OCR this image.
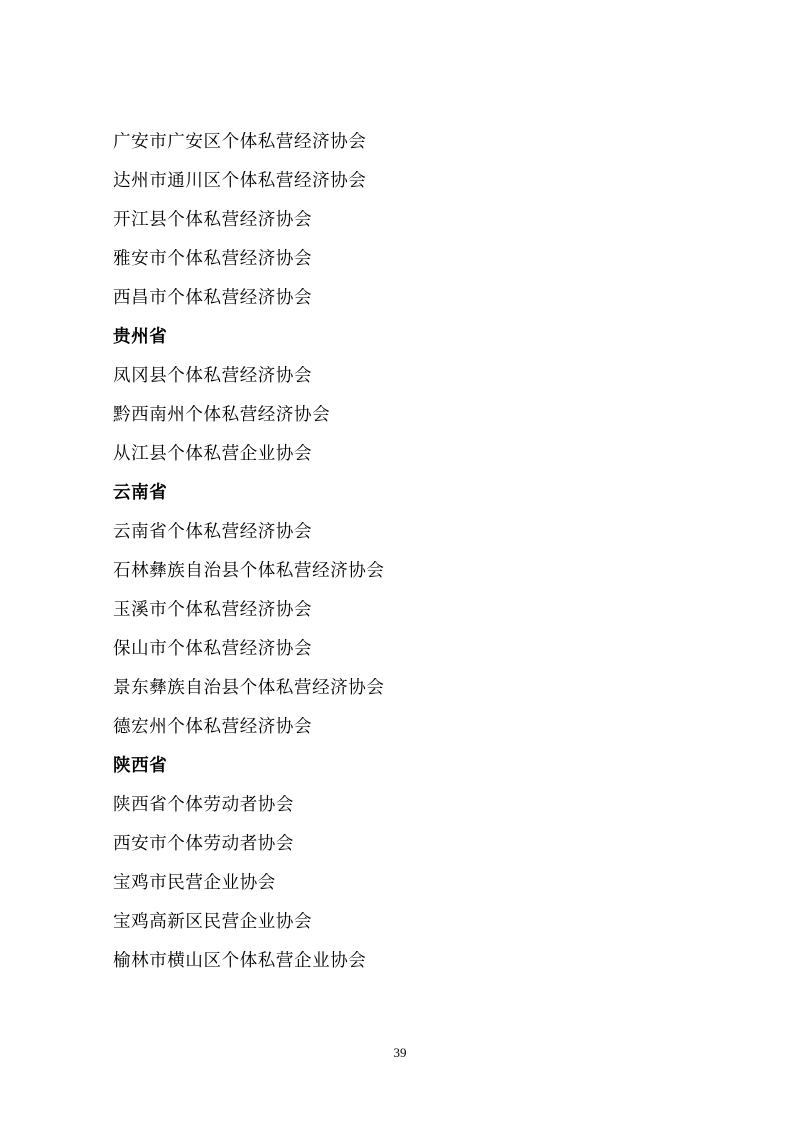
广安市广安区个体私营经济协会
达州市通川区个体私营经济协会
开江县个体私营经济协会
雅安市个体私营经济协会
西昌市个体私营经济协会
贵州省
凤冈县个体私营经济协会
黔西南州个体私营经济协会
从江县个体私营企业协会
云南省
云南省个体私营经济协会
石林彝族自治县个体私营经济协会
玉溪市个体私营经济协会
保山市个体私营经济协会
景东彝族自治县个体私营经济协会
德宏州个体私营经济协会
陕西省
陕西省个体劳动者协会
西安市个体劳动者协会
宝鸡市民营企业协会
宝鸡高新区民营企业协会
榆林市横山区个体私营企业协会
39
